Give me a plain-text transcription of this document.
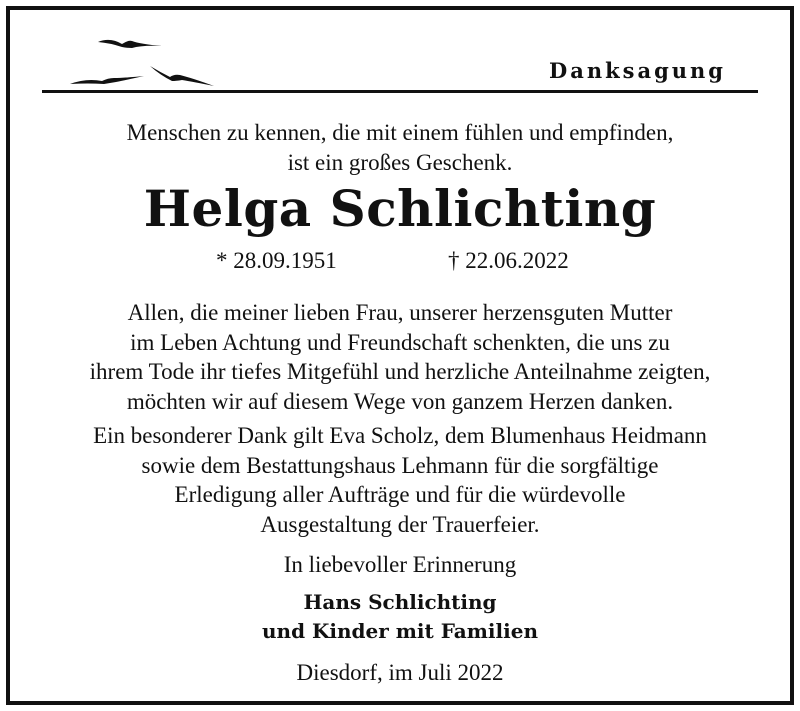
Danksagung
Menschen zu kennen, die mit einem fühlen und empfinden,
ist ein großes Geschenk.
Helga Schlichting
* 28.09.1951	† 22.06.2022
Allen, die meiner lieben Frau, unserer herzensguten Mutter
im Leben Achtung und Freundschaft schenkten, die uns zu
ihrem Tode ihr tiefes Mitgefühl und herzliche Anteilnahme zeigten,
möchten wir auf diesem Wege von ganzem Herzen danken.
Ein besonderer Dank gilt Eva Scholz, dem Blumenhaus Heidmann
sowie dem Bestattungshaus Lehmann für die sorgfältige
Erledigung aller Aufträge und für die würdevolle
Ausgestaltung der Trauerfeier.
In liebevoller Erinnerung
Hans Schlichting
und Kinder mit Familien
Diesdorf, im Juli 2022
